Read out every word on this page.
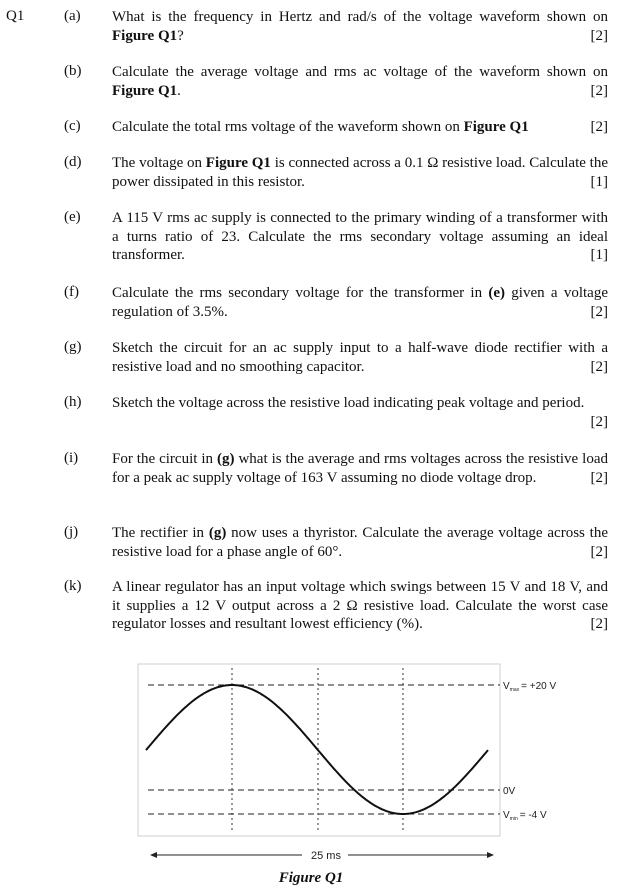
Q1	(a) What is the frequency in Hertz and rad/s of the voltage waveform shown on Figure Q1?	[2]
(b) Calculate the average voltage and rms ac voltage of the waveform shown on Figure Q1.	[2]
(c) Calculate the total rms voltage of the waveform shown on Figure Q1	[2]
(d) The voltage on Figure Q1 is connected across a 0.1 Ω resistive load. Calculate the power dissipated in this resistor.	[1]
(e) A 115 V rms ac supply is connected to the primary winding of a transformer with a turns ratio of 23. Calculate the rms secondary voltage assuming an ideal transformer.	[1]
(f) Calculate the rms secondary voltage for the transformer in (e) given a voltage regulation of 3.5%.	[2]
(g) Sketch the circuit for an ac supply input to a half-wave diode rectifier with a resistive load and no smoothing capacitor.	[2]
(h) Sketch the voltage across the resistive load indicating peak voltage and period.
[2]
(i) For the circuit in (g) what is the average and rms voltages across the resistive load for a peak ac supply voltage of 163 V assuming no diode voltage drop.	[2]
(j) The rectifier in (g) now uses a thyristor. Calculate the average voltage across the resistive load for a phase angle of 60°.	[2]
(k) A linear regulator has an input voltage which swings between 15 V and 18 V, and it supplies a 12 V output across a 2 Ω resistive load. Calculate the worst case regulator losses and resultant lowest efficiency (%).	[2]
25 ms
$V_{max} = +20$ V
0V
$V_{min} = -4$ V
Figure Q1
